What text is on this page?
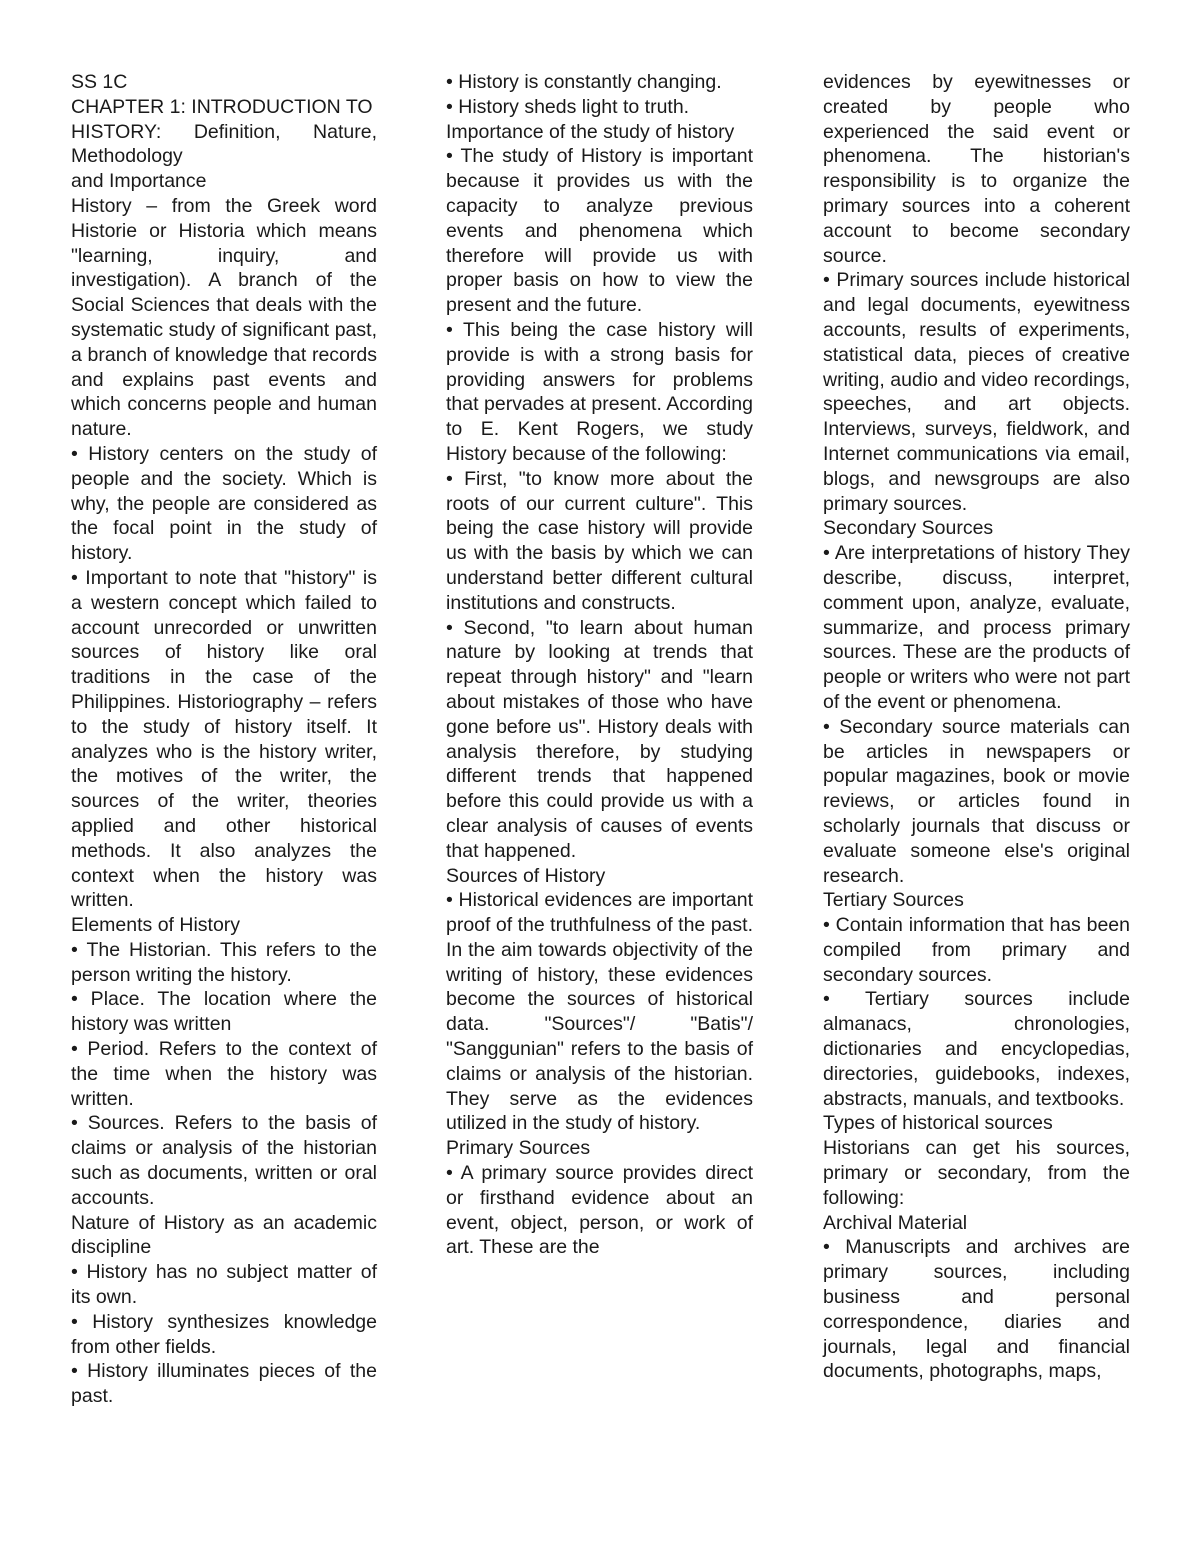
SS 1C

CHAPTER 1: INTRODUCTION TO

HISTORY: Definition, Nature, Methodology

and Importance

History – from the Greek word Historie or Historia which means "learning, inquiry, and investigation). A branch of the Social Sciences that deals with the systematic study of significant past, a branch of knowledge that records and explains past events and which concerns people and human nature.

• History centers on the study of people and the society. Which is why, the people are considered as the focal point in the study of history.

• Important to note that "history" is a western concept which failed to account unrecorded or unwritten sources of history like oral traditions in the case of the Philippines. Historiography – refers to the study of history itself. It analyzes who is the history writer, the motives of the writer, the sources of the writer, theories applied and other historical methods. It also analyzes the context when the history was written.

Elements of History

• The Historian. This refers to the person writing the history.

• Place. The location where the history was written

• Period. Refers to the context of the time when the history was written.

• Sources. Refers to the basis of claims or analysis of the historian such as documents, written or oral accounts.

Nature of History as an academic discipline

• History has no subject matter of its own.

• History synthesizes knowledge from other fields.

• History illuminates pieces of the past.

• History is constantly changing.

• History sheds light to truth.

Importance of the study of history

• The study of History is important because it provides us with the capacity to analyze previous events and phenomena which therefore will provide us with proper basis on how to view the present and the future.

• This being the case history will provide is with a strong basis for providing answers for problems that pervades at present. According to E. Kent Rogers, we study History because of the following:

• First, "to know more about the roots of our current culture". This being the case history will provide us with the basis by which we can understand better different cultural institutions and constructs.

• Second, "to learn about human nature by looking at trends that repeat through history" and "learn about mistakes of those who have gone before us". History deals with analysis therefore, by studying different trends that happened before this could provide us with a clear analysis of causes of events that happened.

Sources of History

• Historical evidences are important proof of the truthfulness of the past. In the aim towards objectivity of the writing of history, these evidences become the sources of historical data. "Sources"/ "Batis"/ "Sanggunian" refers to the basis of claims or analysis of the historian. They serve as the evidences utilized in the study of history.

Primary Sources

• A primary source provides direct or firsthand evidence about an event, object, person, or work of art. These are the

evidences by eyewitnesses or created by people who experienced the said event or phenomena. The historian's responsibility is to organize the primary sources into a coherent account to become secondary source.

• Primary sources include historical and legal documents, eyewitness accounts, results of experiments, statistical data, pieces of creative writing, audio and video recordings, speeches, and art objects. Interviews, surveys, fieldwork, and Internet communications via email, blogs, and newsgroups are also primary sources.

Secondary Sources

• Are interpretations of history They describe, discuss, interpret, comment upon, analyze, evaluate, summarize, and process primary sources. These are the products of people or writers who were not part of the event or phenomena.

• Secondary source materials can be articles in newspapers or popular magazines, book or movie reviews, or articles found in scholarly journals that discuss or evaluate someone else's original research.

Tertiary Sources

• Contain information that has been compiled from primary and secondary sources.

• Tertiary sources include almanacs, chronologies, dictionaries and encyclopedias, directories, guidebooks, indexes, abstracts, manuals, and textbooks.

Types of historical sources

Historians can get his sources, primary or secondary, from the following:

Archival Material

• Manuscripts and archives are primary sources, including business and personal correspondence, diaries and journals, legal and financial documents, photographs, maps,
